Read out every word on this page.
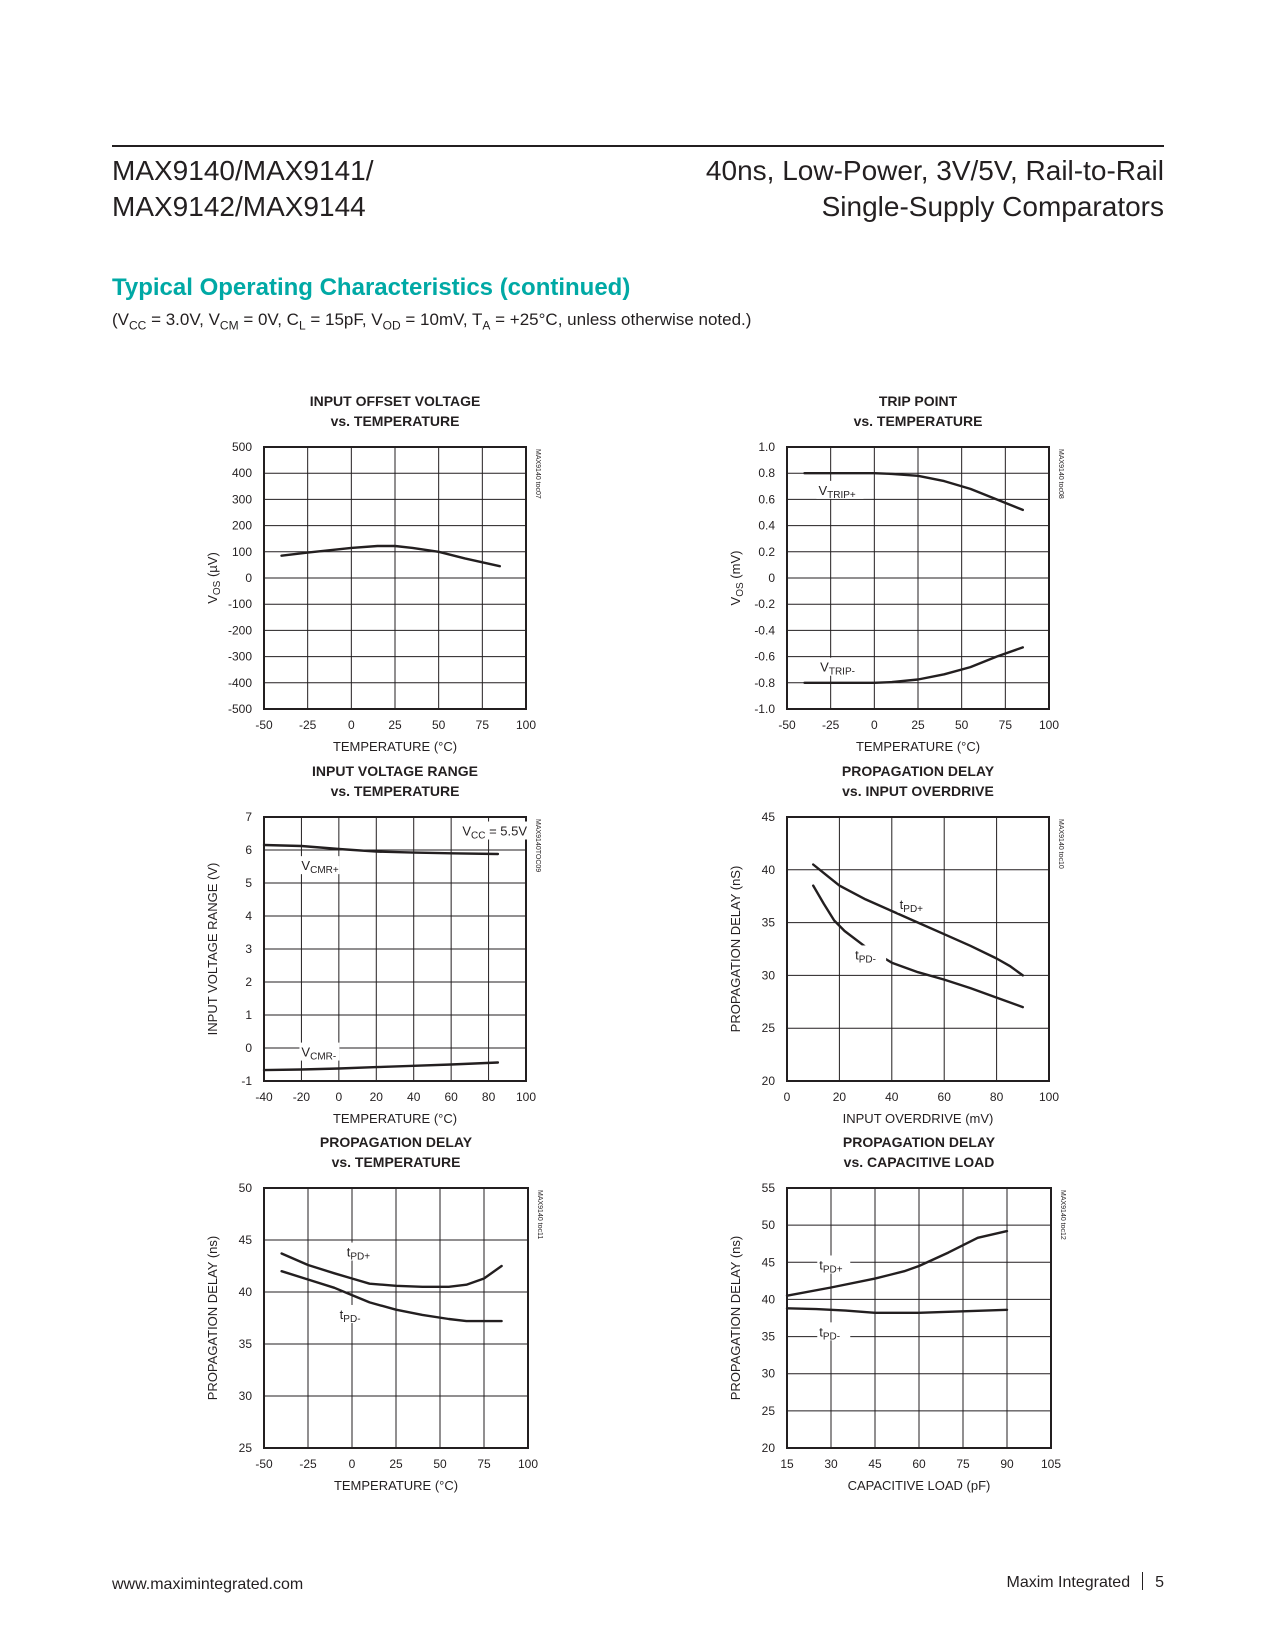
MAX9140/MAX9141/
MAX9142/MAX9144
40ns, Low-Power, 3V/5V, Rail-to-Rail
Single-Supply Comparators
Typical Operating Characteristics (continued)
($V_{CC} = 3.0V$, $V_{CM} = 0V$, $C_L = 15pF$, $V_{OD} = 10mV$, $T_A = +25^\circ C$, unless otherwise noted.)
INPUT OFFSET VOLTAGE
vs. TEMPERATURE
-50 -25	0	25	50	75 100
-500
-400
-300
-200
-100
0
100
200
300
400
500
TEMPERATURE (°C)
$V_{OS}$ (µV)
MAX9140 toc07
TRIP POINT
vs. TEMPERATURE
-50 -25	0	25	50	75 100
-1.0
-0.8
-0.6
-0.4
-0.2
0
0.2
0.4
0.6
0.8
1.0
TEMPERATURE (°C)
$V_{OS}$ (mV)
MAX9140 toc08
$V_{TRIP+}$
$V_{TRIP-}$
INPUT VOLTAGE RANGE
vs. TEMPERATURE
-40 -20 0 20 40 60 80 100
-1
0
1
2
3
4
5
6
7
TEMPERATURE (°C)
INPUT VOLTAGE RANGE (V)
MAX9140TOC09
$V_{CMR+}$
$V_{CMR-}$
$V_{CC} = 5.5V$
PROPAGATION DELAY
vs. INPUT OVERDRIVE
0	20	40	60	80	100
20
25
30
35
40
45
INPUT OVERDRIVE (mV)
PROPAGATION DELAY (nS)
MAX9140 toc10
$t_{PD+}$
$t_{PD-}$
PROPAGATION DELAY
vs. TEMPERATURE
-50 -25	0	25	50	75 100
25
30
35
40
45
50
TEMPERATURE (°C)
PROPAGATION DELAY (ns)
MAX9140 toc11
$t_{PD+}$
$t_{PD-}$
PROPAGATION DELAY
vs. CAPACITIVE LOAD
15	30	45	60	75	90 105
20
25
30
35
40
45
50
55
CAPACITIVE LOAD (pF)
PROPAGATION DELAY (ns)
MAX9140 toc12
$t_{PD+}$
$t_{PD-}$
www.maximintegrated.com	Maxim Integrated 5
